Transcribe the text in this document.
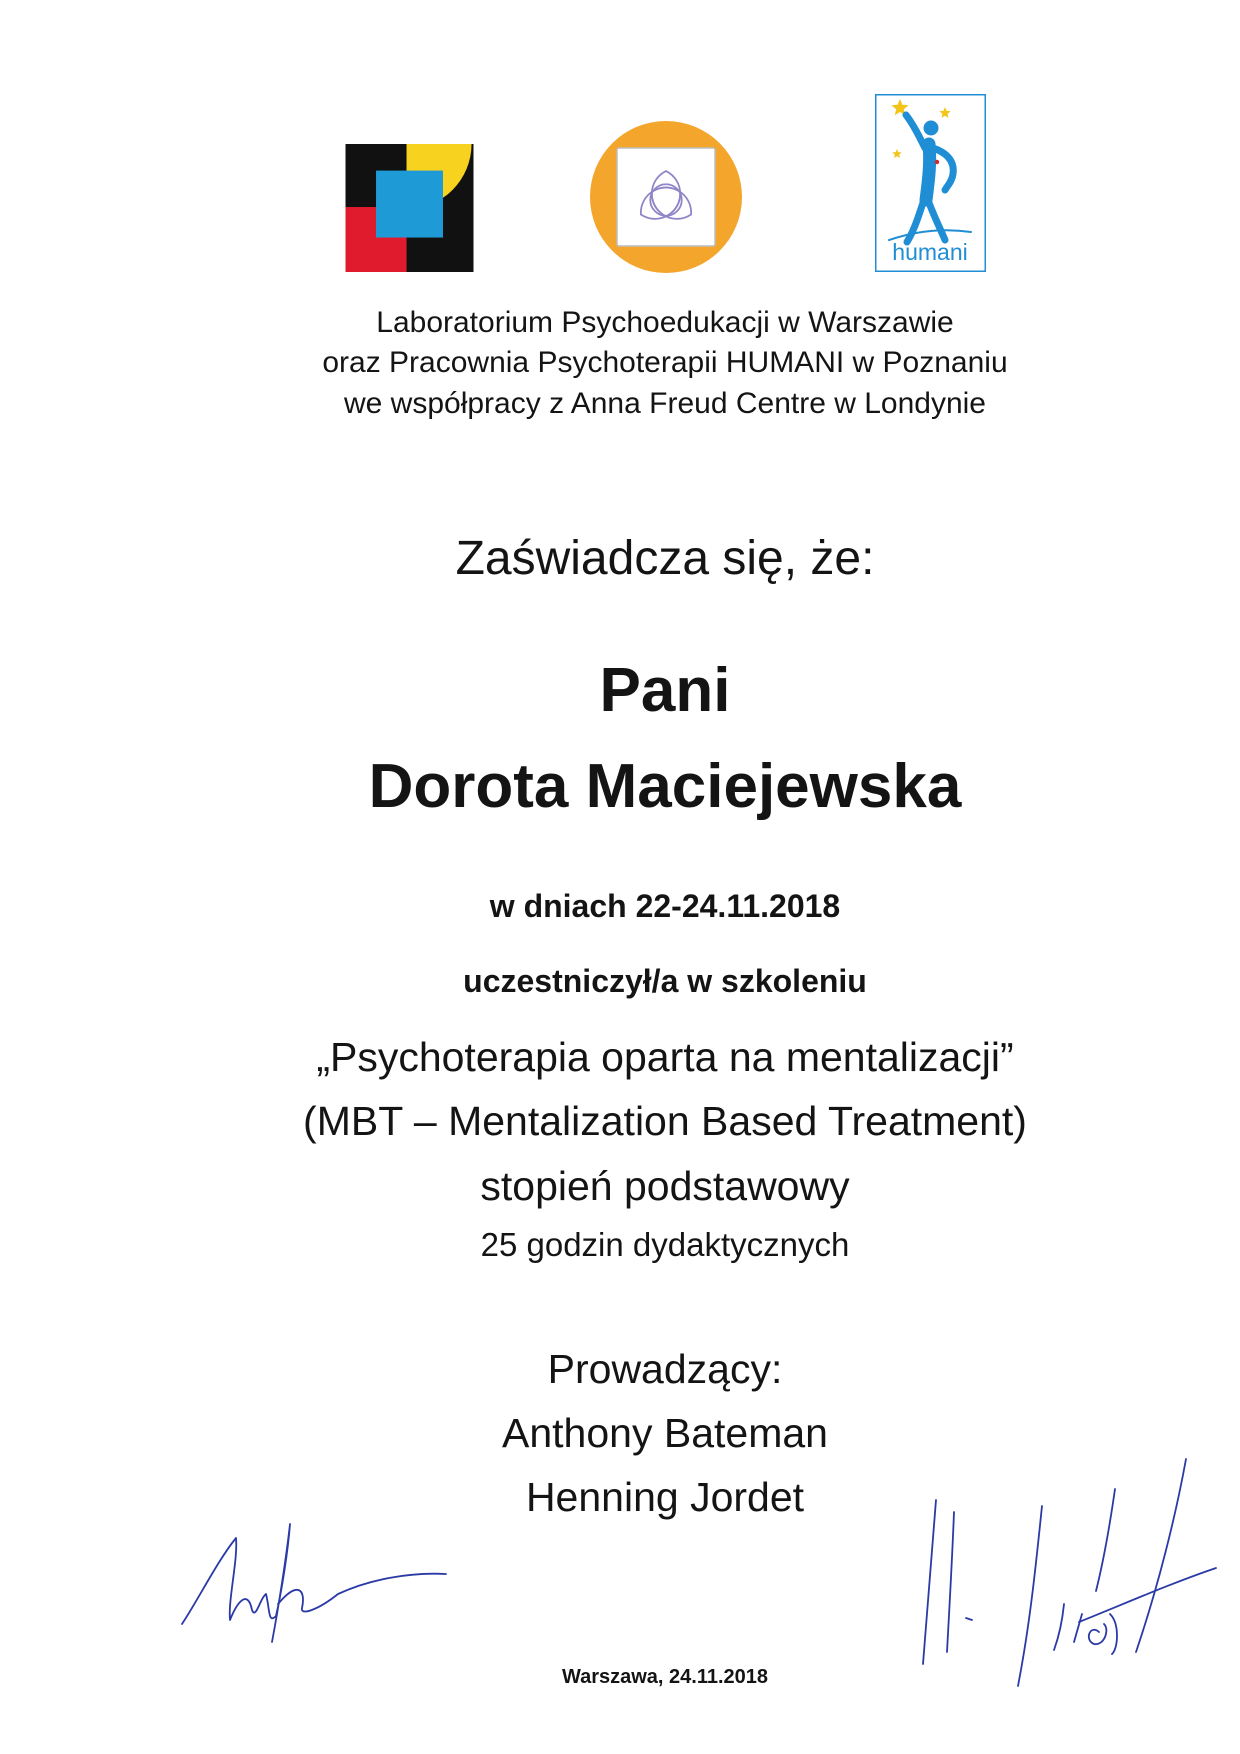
humani

Laboratorium Psychoedukacji w Warszawie

oraz Pracownia Psychoterapii HUMANI w Poznaniu

we współpracy z Anna Freud Centre w Londynie

Zaświadcza się, że:

Pani

Dorota Maciejewska

w dniach 22-24.11.2018

uczestniczył/a w szkoleniu

„Psychoterapia oparta na mentalizacji”

(MBT – Mentalization Based Treatment)

stopień podstawowy

25 godzin dydaktycznych

Prowadzący:

Anthony Bateman

Henning Jordet

Warszawa, 24.11.2018
